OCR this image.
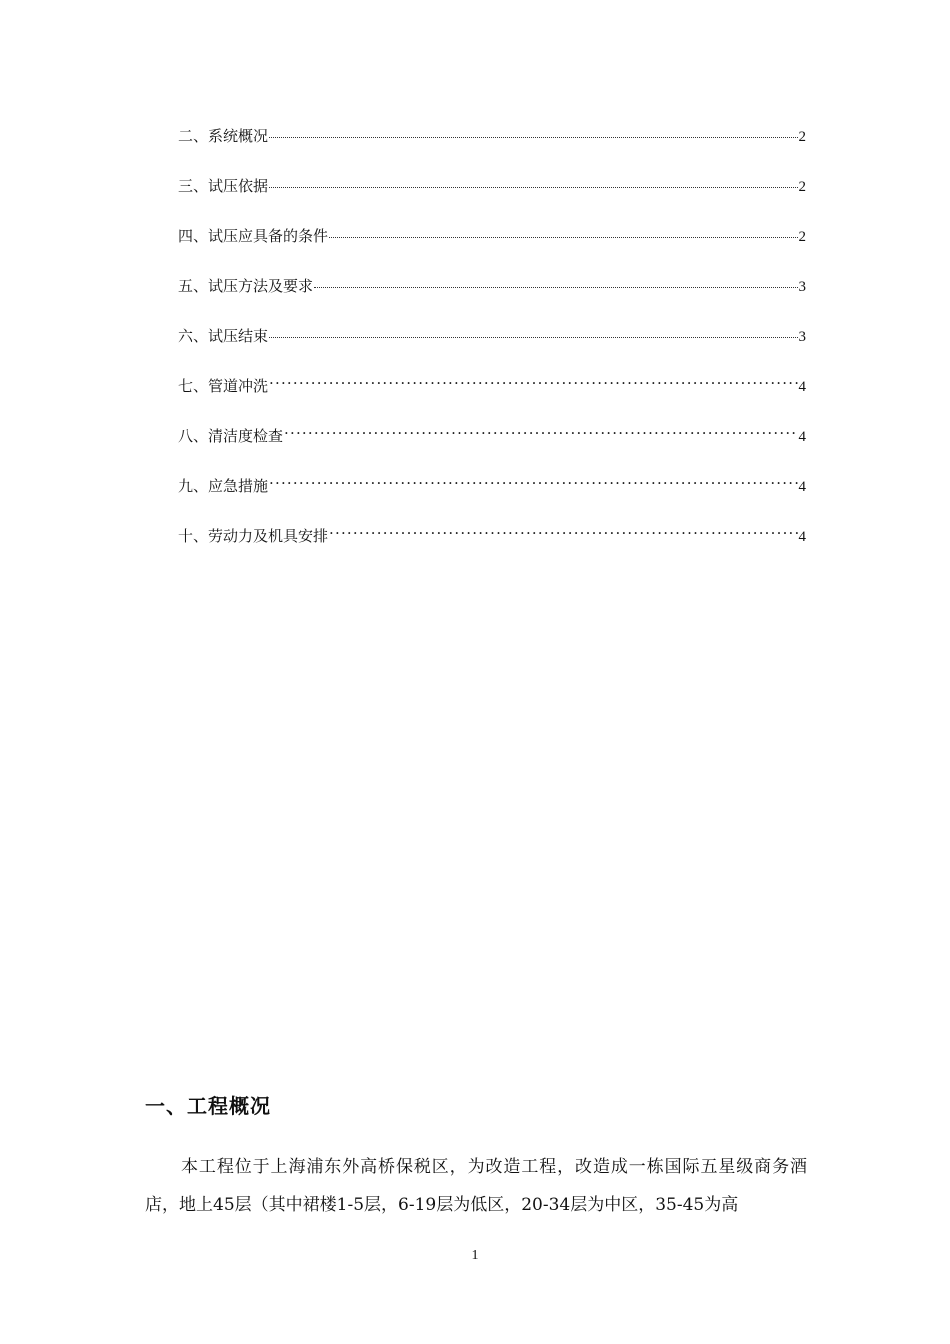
二、系统概况	2
三、试压依据	2
四、试压应具备的条件	2
五、试压方法及要求	3
六、试压结束	3
七、管道冲洗 ·····	4
八、清洁度检查 ·····	4
九、应急措施 ·····	4
十、劳动力及机具安排 ·····	4
一、工程概况

本工程位于上海浦东外高桥保税区，为改造工程，改造成一栋国际五星级商务酒店，地上45层（其中裙楼1-5层，6-19层为低区，20-34层为中区，35-45为高

1
